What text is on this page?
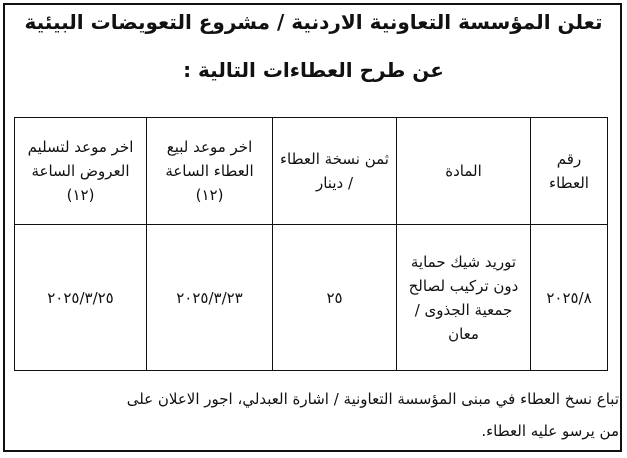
تعلن المؤسسة التعاونية الاردنية / مشروع التعويضات البيئية
عن طرح العطاءات التالية :
رقم العطاء	المادة	ثمن نسخة العطاء / دينار	اخر موعد لبيع العطاء الساعة (١٢)	اخر موعد لتسليم العروض الساعة (١٢)
٢٠٢٥/٨	توريد شيك حماية دون تركيب لصالح جمعية الجذوى / معان	٢٥	٢٠٢٥/٣/٢٣	٢٠٢٥/٣/٢٥
تباع نسخ العطاء في مبنى المؤسسة التعاونية / اشارة العبدلي، اجور الاعلان على
من يرسو عليه العطاء.
